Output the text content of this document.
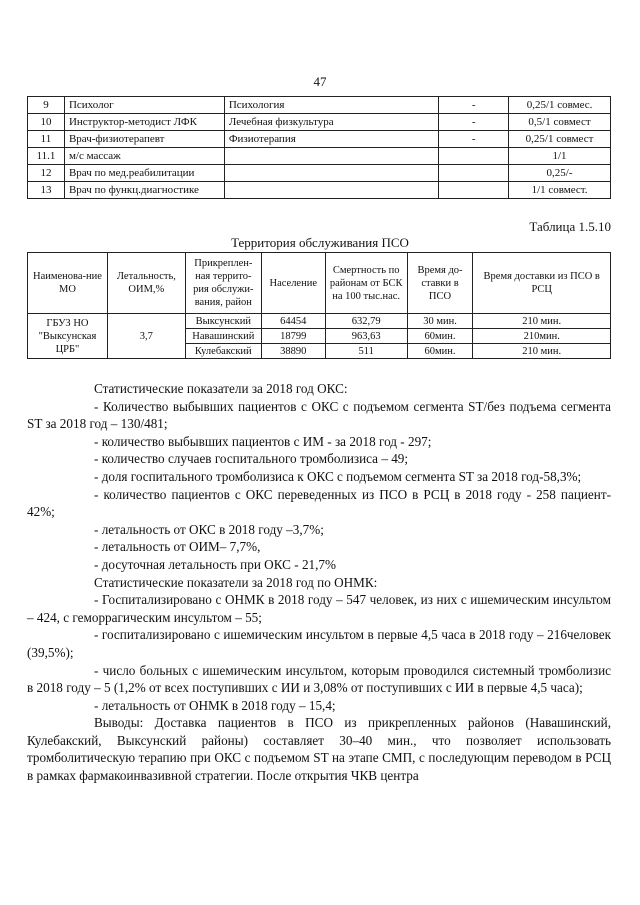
47
9	Психолог	Психология	-	0,25/1 совмес.
10	Инструктор-методист ЛФК	Лечебная физкультура	-	0,5/1 совмест
11	Врач-физиотерапевт	Физиотерапия	-	0,25/1 совмест
11.1	м/с массаж			1/1
12	Врач по мед.реабилитации			0,25/-
13	Врач по функц.диагностике			1/1 совмест.
Таблица 1.5.10
Территория обслуживания ПСО
Наименова-ние МО	Летальность, ОИМ,%	Прикреплен-ная террито-рия обслужи-вания, район	Население	Смертность по районам от БСК на 100 тыс.нас.	Время до-ставки в ПСО	Время доставки из ПСО в РСЦ
ГБУЗ НО "Выксунская ЦРБ"	3,7	Выксунский	64454	632,79	30 мин.	210 мин.
		Навашинский	18799	963,63	60мин.	210мин.
		Кулебакский	38890	511	60мин.	210 мин.

Статистические показатели за 2018 год ОКС:

- Количество выбывших пациентов с ОКС с подъемом сегмента ST/без подъема сегмента ST за 2018 год – 130/481;

- количество выбывших пациентов с ИМ - за 2018 год - 297;

- количество случаев госпитального тромболизиса – 49;

- доля госпитального тромболизиса к ОКС с подъемом сегмента ST за 2018 год-58,3%;

- количество пациентов с ОКС переведенных из ПСО в РСЦ в 2018 году - 258 пациент- 42%;

- летальность от ОКС в 2018 году –3,7%;

- летальность от ОИМ– 7,7%,

- досуточная летальность при ОКС - 21,7%

Статистические показатели за 2018 год по ОНМК:

- Госпитализировано с ОНМК в 2018 году – 547 человек, из них с ишемическим инсультом – 424, с геморрагическим инсультом – 55;

- госпитализировано с ишемическим инсультом в первые 4,5 часа в 2018 году – 216человек (39,5%);

- число больных с ишемическим инсультом, которым проводился системный тромболизис в 2018 году – 5 (1,2% от всех поступивших с ИИ и 3,08% от поступивших с ИИ в первые 4,5 часа);

- летальность от ОНМК в 2018 году – 15,4;

Выводы: Доставка пациентов в ПСО из прикрепленных районов (Навашинский, Кулебакский, Выксунский районы) составляет 30–40 мин., что позволяет использовать тромболитическую терапию при ОКС с подъемом ST на этапе СМП, с последующим переводом в РСЦ в рамках фармакоинвазивной стратегии. После открытия ЧКВ центра
